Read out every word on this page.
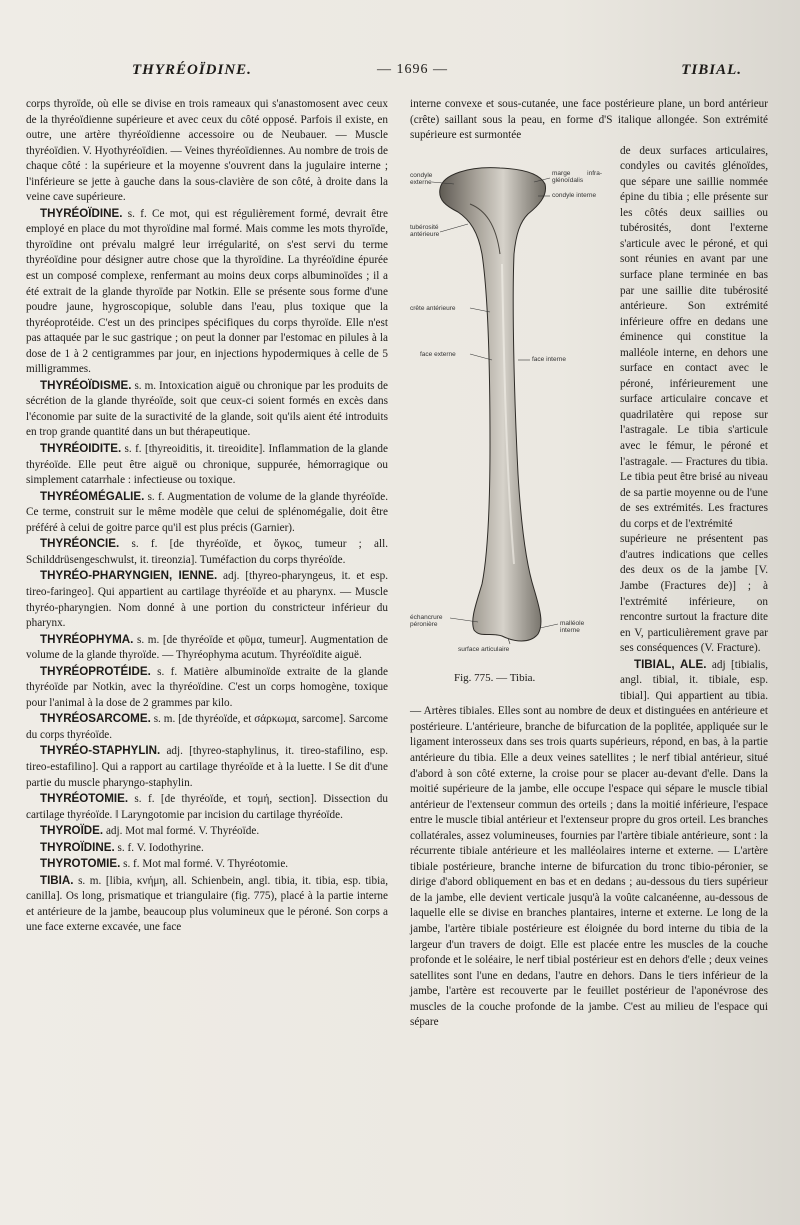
THYRÉOÏDINE.	— 1696 —	TIBIAL.

corps thyroïde, où elle se divise en trois rameaux qui s'anastomosent avec ceux de la thyréoïdienne supérieure et avec ceux du côté opposé. Parfois il existe, en outre, une artère thyréoïdienne accessoire ou de Neubauer. — Muscle thyréoïdien. V. Hyothyréoïdien. — Veines thyréoïdiennes. Au nombre de trois de chaque côté : la supérieure et la moyenne s'ouvrent dans la jugulaire interne ; l'inférieure se jette à gauche dans la sous-clavière de son côté, à droite dans la veine cave supérieure.

THYRÉOÏDINE. s. f. Ce mot, qui est régulièrement formé, devrait être employé en place du mot thyroïdine mal formé. Mais comme les mots thyroïde, thyroïdine ont prévalu malgré leur irrégularité, on s'est servi du terme thyréoïdine pour désigner autre chose que la thyroïdine. La thyréoïdine épurée est un composé complexe, renfermant au moins deux corps albuminoïdes ; il a été extrait de la glande thyroïde par Notkin. Elle se présente sous forme d'une poudre jaune, hygroscopique, soluble dans l'eau, plus toxique que la thyréoprotéide. C'est un des principes spécifiques du corps thyroïde. Elle n'est pas attaquée par le suc gastrique ; on peut la donner par l'estomac en pilules à la dose de 1 à 2 centigrammes par jour, en injections hypodermiques à celle de 5 milligrammes.

THYRÉOÏDISME. s. m. Intoxication aiguë ou chronique par les produits de sécrétion de la glande thyréoïde, soit que ceux-ci soient formés en excès dans l'économie par suite de la suractivité de la glande, soit qu'ils aient été introduits en trop grande quantité dans un but thérapeutique.

THYRÉOIDITE. s. f. [thyreoiditis, it. tireoidite]. Inflammation de la glande thyréoïde. Elle peut être aiguë ou chronique, suppurée, hémorragique ou simplement catarrhale : infectieuse ou toxique.

THYRÉOMÉGALIE. s. f. Augmentation de volume de la glande thyréoïde. Ce terme, construit sur le même modèle que celui de splénomégalie, doit être préféré à celui de goitre parce qu'il est plus précis (Garnier).

THYRÉONCIE. s. f. [de thyréoïde, et ὄγκος, tumeur ; all. Schilddrüsengeschwulst, it. tireonzia]. Tuméfaction du corps thyréoïde.

THYRÉO-PHARYNGIEN, IENNE. adj. [thyreo-pharyngeus, it. et esp. tireo-faringeo]. Qui appartient au cartilage thyréoïde et au pharynx. — Muscle thyréo-pharyngien. Nom donné à une portion du constricteur inférieur du pharynx.

THYRÉOPHYMA. s. m. [de thyréoïde et φῦμα, tumeur]. Augmentation de volume de la glande thyroïde. — Thyréophyma acutum. Thyréoïdite aiguë.

THYRÉOPROTÉIDE. s. f. Matière albuminoïde extraite de la glande thyréoïde par Notkin, avec la thyréoïdine. C'est un corps homogène, toxique pour l'animal à la dose de 2 grammes par kilo.

THYRÉOSARCOME. s. m. [de thyréoïde, et σάρκωμα, sarcome]. Sarcome du corps thyréoïde.

THYRÉO-STAPHYLIN. adj. [thyreo-staphylinus, it. tireo-stafilino, esp. tireo-estafilino]. Qui a rapport au cartilage thyréoïde et à la luette. ‖ Se dit d'une partie du muscle pharyngo-staphylin.

THYRÉOTOMIE. s. f. [de thyréoïde, et τομή, section]. Dissection du cartilage thyréoïde. ‖ Laryngotomie par incision du cartilage thyréoïde.

THYROÏDE. adj. Mot mal formé. V. Thyréoïde.

THYROÏDINE. s. f. V. Iodothyrine.

THYROTOMIE. s. f. Mot mal formé. V. Thyréotomie.

TIBIA. s. m. [libia, κνήμη, all. Schienbein, angl. tibia, it. tibia, esp. tibia, canilla]. Os long, prismatique et triangulaire (fig. 775), placé à la partie interne et antérieure de la jambe, beaucoup plus volumineux que le péroné. Son corps a une face externe excavée, une face

interne convexe et sous-cutanée, une face postérieure plane, un bord antérieur (crête) saillant sous la peau, en forme d'S italique allongée. Son extrémité supérieure est surmontée

condyle externe
marge infra-glénoïdalis
condyle interne
tubérosité antérieure
crête antérieure
face externe
face interne
échancrure péronière	malléole interne
surface articulaire
Fig. 775. — Tibia.

de deux surfaces articulaires, condyles ou cavités glénoïdes, que sépare une saillie nommée épine du tibia ; elle présente sur les côtés deux saillies ou tubérosités, dont l'externe s'articule avec le péroné, et qui sont réunies en avant par une surface plane terminée en bas par une saillie dite tubérosité antérieure. Son extrémité inférieure offre en dedans une éminence qui constitue la malléole interne, en dehors une surface en contact avec le péroné, inférieurement une surface articulaire concave et quadrilatère qui repose sur l'astragale. Le tibia s'articule avec le fémur, le péroné et l'astragale. — Fractures du tibia. Le tibia peut être brisé au niveau de sa partie moyenne ou de l'une de ses extrémités. Les fractures du corps et de l'extrémité

supérieure ne présentent pas d'autres indications que celles des deux os de la jambe [V. Jambe (Fractures de)] ; à l'extrémité inférieure, on rencontre surtout la fracture dite en V, particulièrement grave par ses conséquences (V. Fracture).

TIBIAL, ALE. adj [tibialis, angl. tibial, it. tibiale, esp. tibial]. Qui appartient au tibia. — Artères tibiales. Elles sont au nombre de deux et distinguées en antérieure et postérieure. L'antérieure, branche de bifurcation de la poplitée, appliquée sur le ligament interosseux dans ses trois quarts supérieurs, répond, en bas, à la partie antérieure du tibia. Elle a deux veines satellites ; le nerf tibial antérieur, situé d'abord à son côté externe, la croise pour se placer au-devant d'elle. Dans la moitié supérieure de la jambe, elle occupe l'espace qui sépare le muscle tibial antérieur de l'extenseur commun des orteils ; dans la moitié inférieure, l'espace entre le muscle tibial antérieur et l'extenseur propre du gros orteil. Les branches collatérales, assez volumineuses, fournies par l'artère tibiale antérieure, sont : la récurrente tibiale antérieure et les malléolaires interne et externe. — L'artère tibiale postérieure, branche interne de bifurcation du tronc tibio-péronier, se dirige d'abord obliquement en bas et en dedans ; au-dessous du tiers supérieur de la jambe, elle devient verticale jusqu'à la voûte calcanéenne, au-dessous de laquelle elle se divise en branches plantaires, interne et externe. Le long de la jambe, l'artère tibiale postérieure est éloignée du bord interne du tibia de la largeur d'un travers de doigt. Elle est placée entre les muscles de la couche profonde et le soléaire, le nerf tibial postérieur est en dehors d'elle ; deux veines satellites sont l'une en dedans, l'autre en dehors. Dans le tiers inférieur de la jambe, l'artère est recouverte par le feuillet postérieur de l'aponévrose des muscles de la couche profonde de la jambe. C'est au milieu de l'espace qui sépare
